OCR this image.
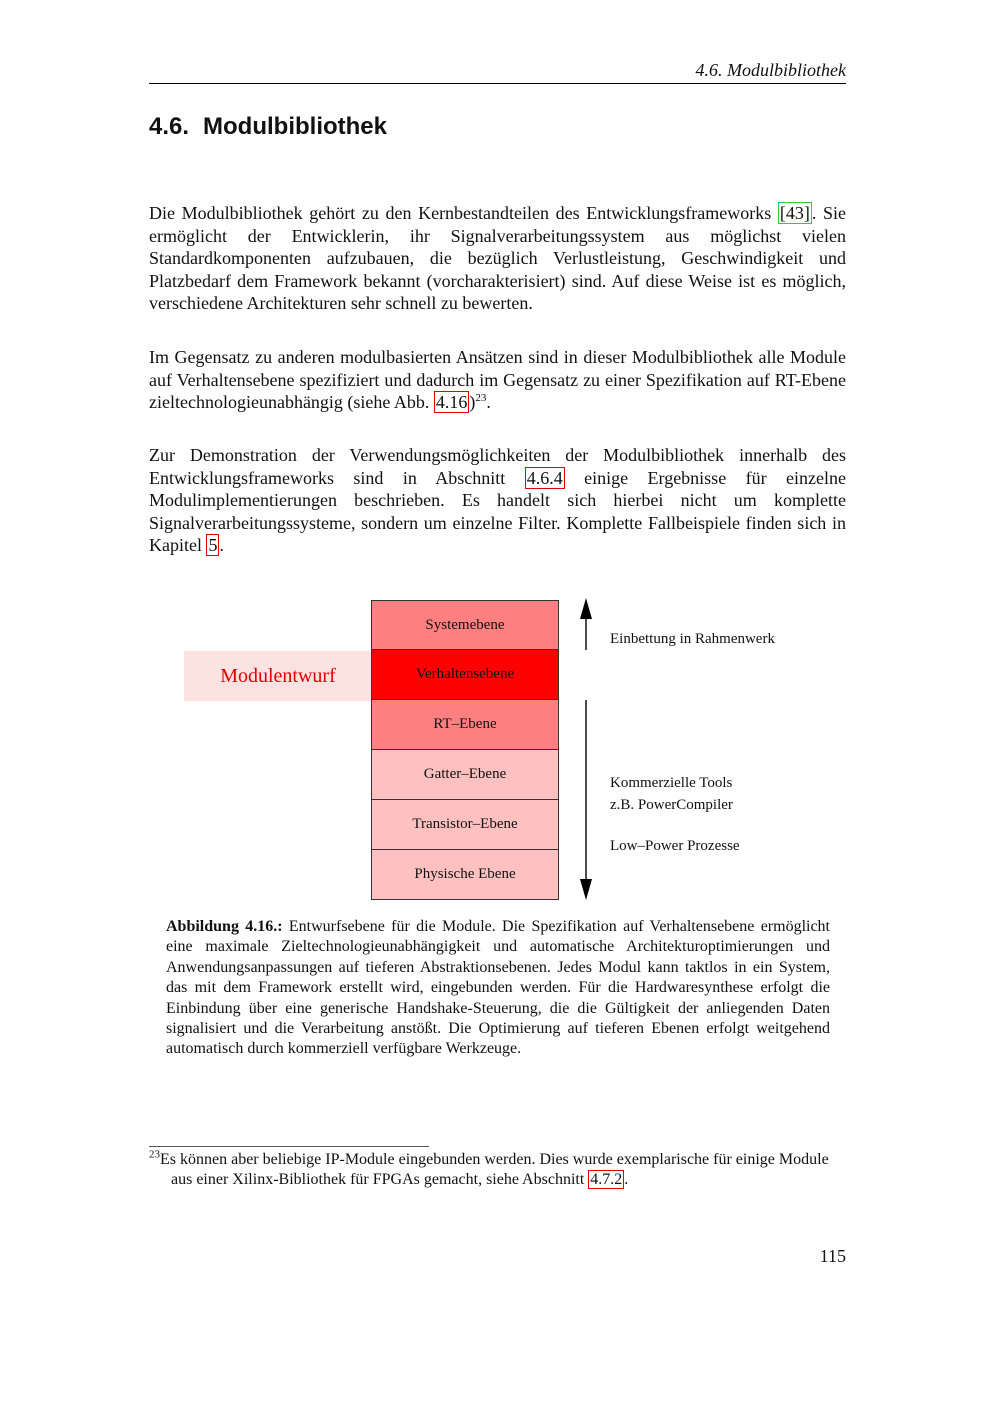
4.6. Modulbibliothek
4.6. Modulbibliothek

Die Modulbibliothek gehört zu den Kernbestandteilen des Entwicklungsframeworks [43] . Sie ermöglicht der Entwicklerin, ihr Signalverarbeitungssystem aus möglichst vielen Standardkomponenten aufzubauen, die bezüglich Verlustleistung, Geschwindigkeit und Platzbedarf dem Framework bekannt (vorcharakterisiert) sind. Auf diese Weise ist es möglich, verschiedene Architekturen sehr schnell zu bewerten.

Im Gegensatz zu anderen modulbasierten Ansätzen sind in dieser Modulbibliothek alle Module auf Verhaltensebene spezifiziert und dadurch im Gegensatz zu einer Spezifikation auf RT-Ebene zieltechnologieunabhängig (siehe Abb. 4.16 )$^{23}$.

Zur Demonstration der Verwendungsmöglichkeiten der Modulbibliothek innerhalb des Entwicklungsframeworks sind in Abschnitt 4.6.4 einige Ergebnisse für einzelne Modulimplementierungen beschrieben. Es handelt sich hierbei nicht um komplette Signalverarbeitungssysteme, sondern um einzelne Filter. Komplette Fallbeispiele finden sich in Kapitel 5 .

Modulentwurf
Systemebene
Verhaltensebene
RT–Ebene
Gatter–Ebene
Transistor–Ebene
Physische Ebene
Einbettung in Rahmenwerk
Kommerzielle Tools
z.B. PowerCompiler
Low–Power Prozesse

Abbildung 4.16.: Entwurfsebene für die Module. Die Spezifikation auf Verhaltensebene ermöglicht eine maximale Zieltechnologieunabhängigkeit und automatische Architekturoptimierungen und Anwendungsanpassungen auf tieferen Abstraktionsebenen. Jedes Modul kann taktlos in ein System, das mit dem Framework erstellt wird, eingebunden werden. Für die Hardwaresynthese erfolgt die Einbindung über eine generische Handshake-Steuerung, die die Gültigkeit der anliegenden Daten signalisiert und die Verarbeitung anstößt. Die Optimierung auf tieferen Ebenen erfolgt weitgehend automatisch durch kommerziell verfügbare Werkzeuge.

$^{23}$Es können aber beliebige IP-Module eingebunden werden. Dies wurde exemplarische für einige Module
aus einer Xilinx-Bibliothek für FPGAs gemacht, siehe Abschnitt 4.7.2 .

115
